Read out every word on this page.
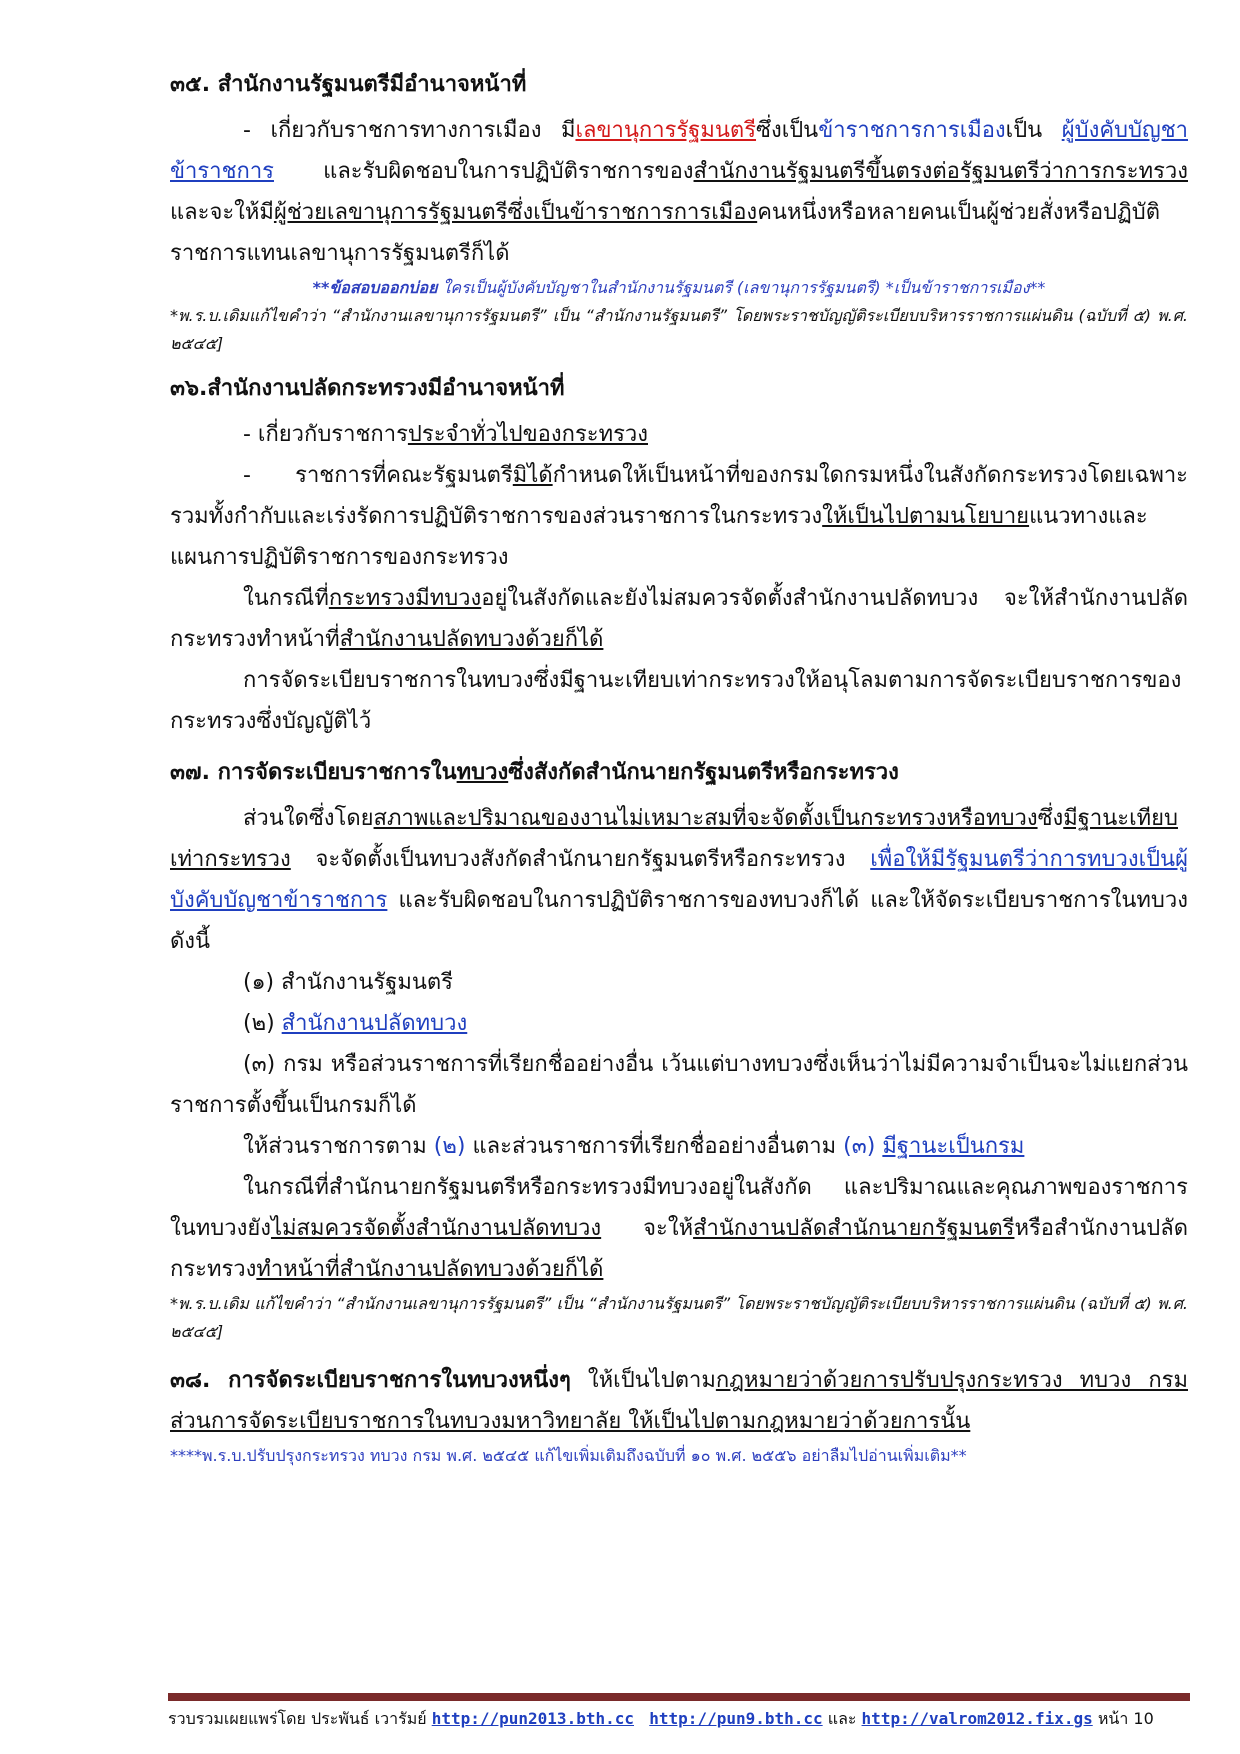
๓๕. สำนักงานรัฐมนตรีมีอำนาจหน้าที่

- เกี่ยวกับราชการทางการเมือง มีเลขานุการรัฐมนตรีซึ่งเป็นข้าราชการการเมืองเป็น ผู้บังคับบัญชาข้าราชการ และรับผิดชอบในการปฏิบัติราชการของสำนักงานรัฐมนตรีขึ้นตรงต่อรัฐมนตรีว่าการกระทรวง และจะให้มีผู้ช่วยเลขานุการรัฐมนตรีซึ่งเป็นข้าราชการการเมืองคนหนึ่งหรือหลายคนเป็นผู้ช่วยสั่งหรือปฏิบัติราชการแทนเลขานุการรัฐมนตรีก็ได้

**ข้อสอบออกบ่อย ใครเป็นผู้บังคับบัญชาในสำนักงานรัฐมนตรี (เลขานุการรัฐมนตรี) *เป็นข้าราชการเมือง**

*พ.ร.บ.เดิมแก้ไขคำว่า “สำนักงานเลขานุการรัฐมนตรี” เป็น “สำนักงานรัฐมนตรี” โดยพระราชบัญญัติระเบียบบริหารราชการแผ่นดิน (ฉบับที่ ๕) พ.ศ. ๒๕๔๕]

๓๖.สำนักงานปลัดกระทรวงมีอำนาจหน้าที่

- เกี่ยวกับราชการประจำทั่วไปของกระทรวง

- ราชการที่คณะรัฐมนตรีมิได้กำหนดให้เป็นหน้าที่ของกรมใดกรมหนึ่งในสังกัดกระทรวงโดยเฉพาะ รวมทั้งกำกับและเร่งรัดการปฏิบัติราชการของส่วนราชการในกระทรวงให้เป็นไปตามนโยบายแนวทางและแผนการปฏิบัติราชการของกระทรวง

ในกรณีที่กระทรวงมีทบวงอยู่ในสังกัดและยังไม่สมควรจัดตั้งสำนักงานปลัดทบวง จะให้สำนักงานปลัดกระทรวงทำหน้าที่สำนักงานปลัดทบวงด้วยก็ได้

การจัดระเบียบราชการในทบวงซึ่งมีฐานะเทียบเท่ากระทรวงให้อนุโลมตามการจัดระเบียบราชการของกระทรวงซึ่งบัญญัติไว้

๓๗. การจัดระเบียบราชการในทบวงซึ่งสังกัดสำนักนายกรัฐมนตรีหรือกระทรวง

ส่วนใดซึ่งโดยสภาพและปริมาณของงานไม่เหมาะสมที่จะจัดตั้งเป็นกระทรวงหรือทบวงซึ่งมีฐานะเทียบเท่ากระทรวง จะจัดตั้งเป็นทบวงสังกัดสำนักนายกรัฐมนตรีหรือกระทรวง เพื่อให้มีรัฐมนตรีว่าการทบวงเป็นผู้บังคับบัญชาข้าราชการ และรับผิดชอบในการปฏิบัติราชการของทบวงก็ได้ และให้จัดระเบียบราชการในทบวงดังนี้

(๑) สำนักงานรัฐมนตรี

(๒) สำนักงานปลัดทบวง

(๓) กรม หรือส่วนราชการที่เรียกชื่ออย่างอื่น เว้นแต่บางทบวงซึ่งเห็นว่าไม่มีความจำเป็นจะไม่แยกส่วนราชการตั้งขึ้นเป็นกรมก็ได้

ให้ส่วนราชการตาม (๒) และส่วนราชการที่เรียกชื่ออย่างอื่นตาม (๓) มีฐานะเป็นกรม

ในกรณีที่สำนักนายกรัฐมนตรีหรือกระทรวงมีทบวงอยู่ในสังกัด และปริมาณและคุณภาพของราชการในทบวงยังไม่สมควรจัดตั้งสำนักงานปลัดทบวง จะให้สำนักงานปลัดสำนักนายกรัฐมนตรีหรือสำนักงานปลัดกระทรวงทำหน้าที่สำนักงานปลัดทบวงด้วยก็ได้

*พ.ร.บ.เดิม แก้ไขคำว่า “สำนักงานเลขานุการรัฐมนตรี” เป็น “สำนักงานรัฐมนตรี” โดยพระราชบัญญัติระเบียบบริหารราชการแผ่นดิน (ฉบับที่ ๕) พ.ศ. ๒๕๔๕]

๓๘. การจัดระเบียบราชการในทบวงหนึ่งๆ ให้เป็นไปตามกฎหมายว่าด้วยการปรับปรุงกระทรวง ทบวง กรม ส่วนการจัดระเบียบราชการในทบวงมหาวิทยาลัย ให้เป็นไปตามกฎหมายว่าด้วยการนั้น

****พ.ร.บ.ปรับปรุงกระทรวง ทบวง กรม พ.ศ. ๒๕๔๕ แก้ไขเพิ่มเติมถึงฉบับที่ ๑๐ พ.ศ. ๒๕๕๖ อย่าลืมไปอ่านเพิ่มเติม**

รวบรวมเผยแพร่โดย ประพันธ์ เวารัมย์ http://pun2013.bth.cc http://pun9.bth.cc และ http://valrom2012.fix.gs หน้า 10
